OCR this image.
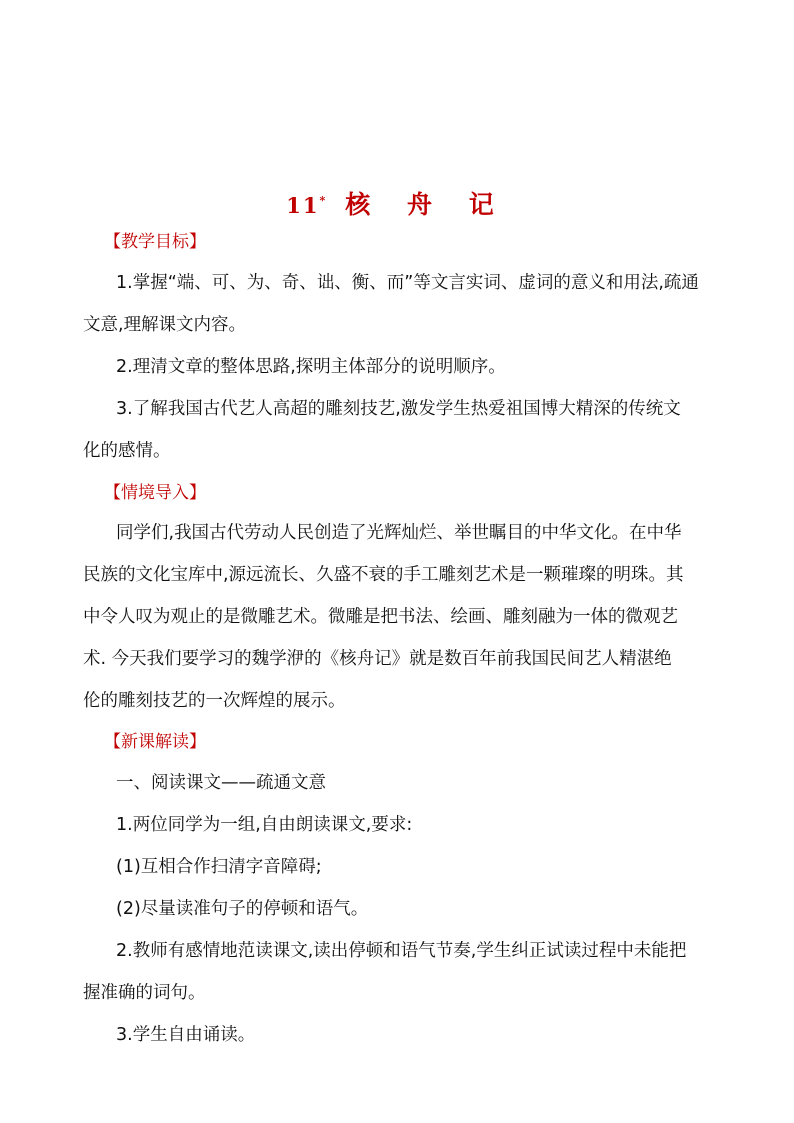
11* 核 舟 记
【教学目标】
1.掌握“端、可、为、奇、诎、衡、而”等文言实词、虚词的意义和用法,疏通
文意,理解课文内容。
2.理清文章的整体思路,探明主体部分的说明顺序。
3.了解我国古代艺人高超的雕刻技艺,激发学生热爱祖国博大精深的传统文
化的感情。
【情境导入】
同学们,我国古代劳动人民创造了光辉灿烂、举世瞩目的中华文化。在中华
民族的文化宝库中,源远流长、久盛不衰的手工雕刻艺术是一颗璀璨的明珠。其
中令人叹为观止的是微雕艺术。微雕是把书法、绘画、雕刻融为一体的微观艺
术. 今天我们要学习的魏学洢的《核舟记》就是数百年前我国民间艺人精湛绝
伦的雕刻技艺的一次辉煌的展示。
【新课解读】
一、阅读课文——疏通文意
1.两位同学为一组,自由朗读课文,要求:
(1)互相合作扫清字音障碍;
(2)尽量读准句子的停顿和语气。
2.教师有感情地范读课文,读出停顿和语气节奏,学生纠正试读过程中未能把
握准确的词句。
3.学生自由诵读。
